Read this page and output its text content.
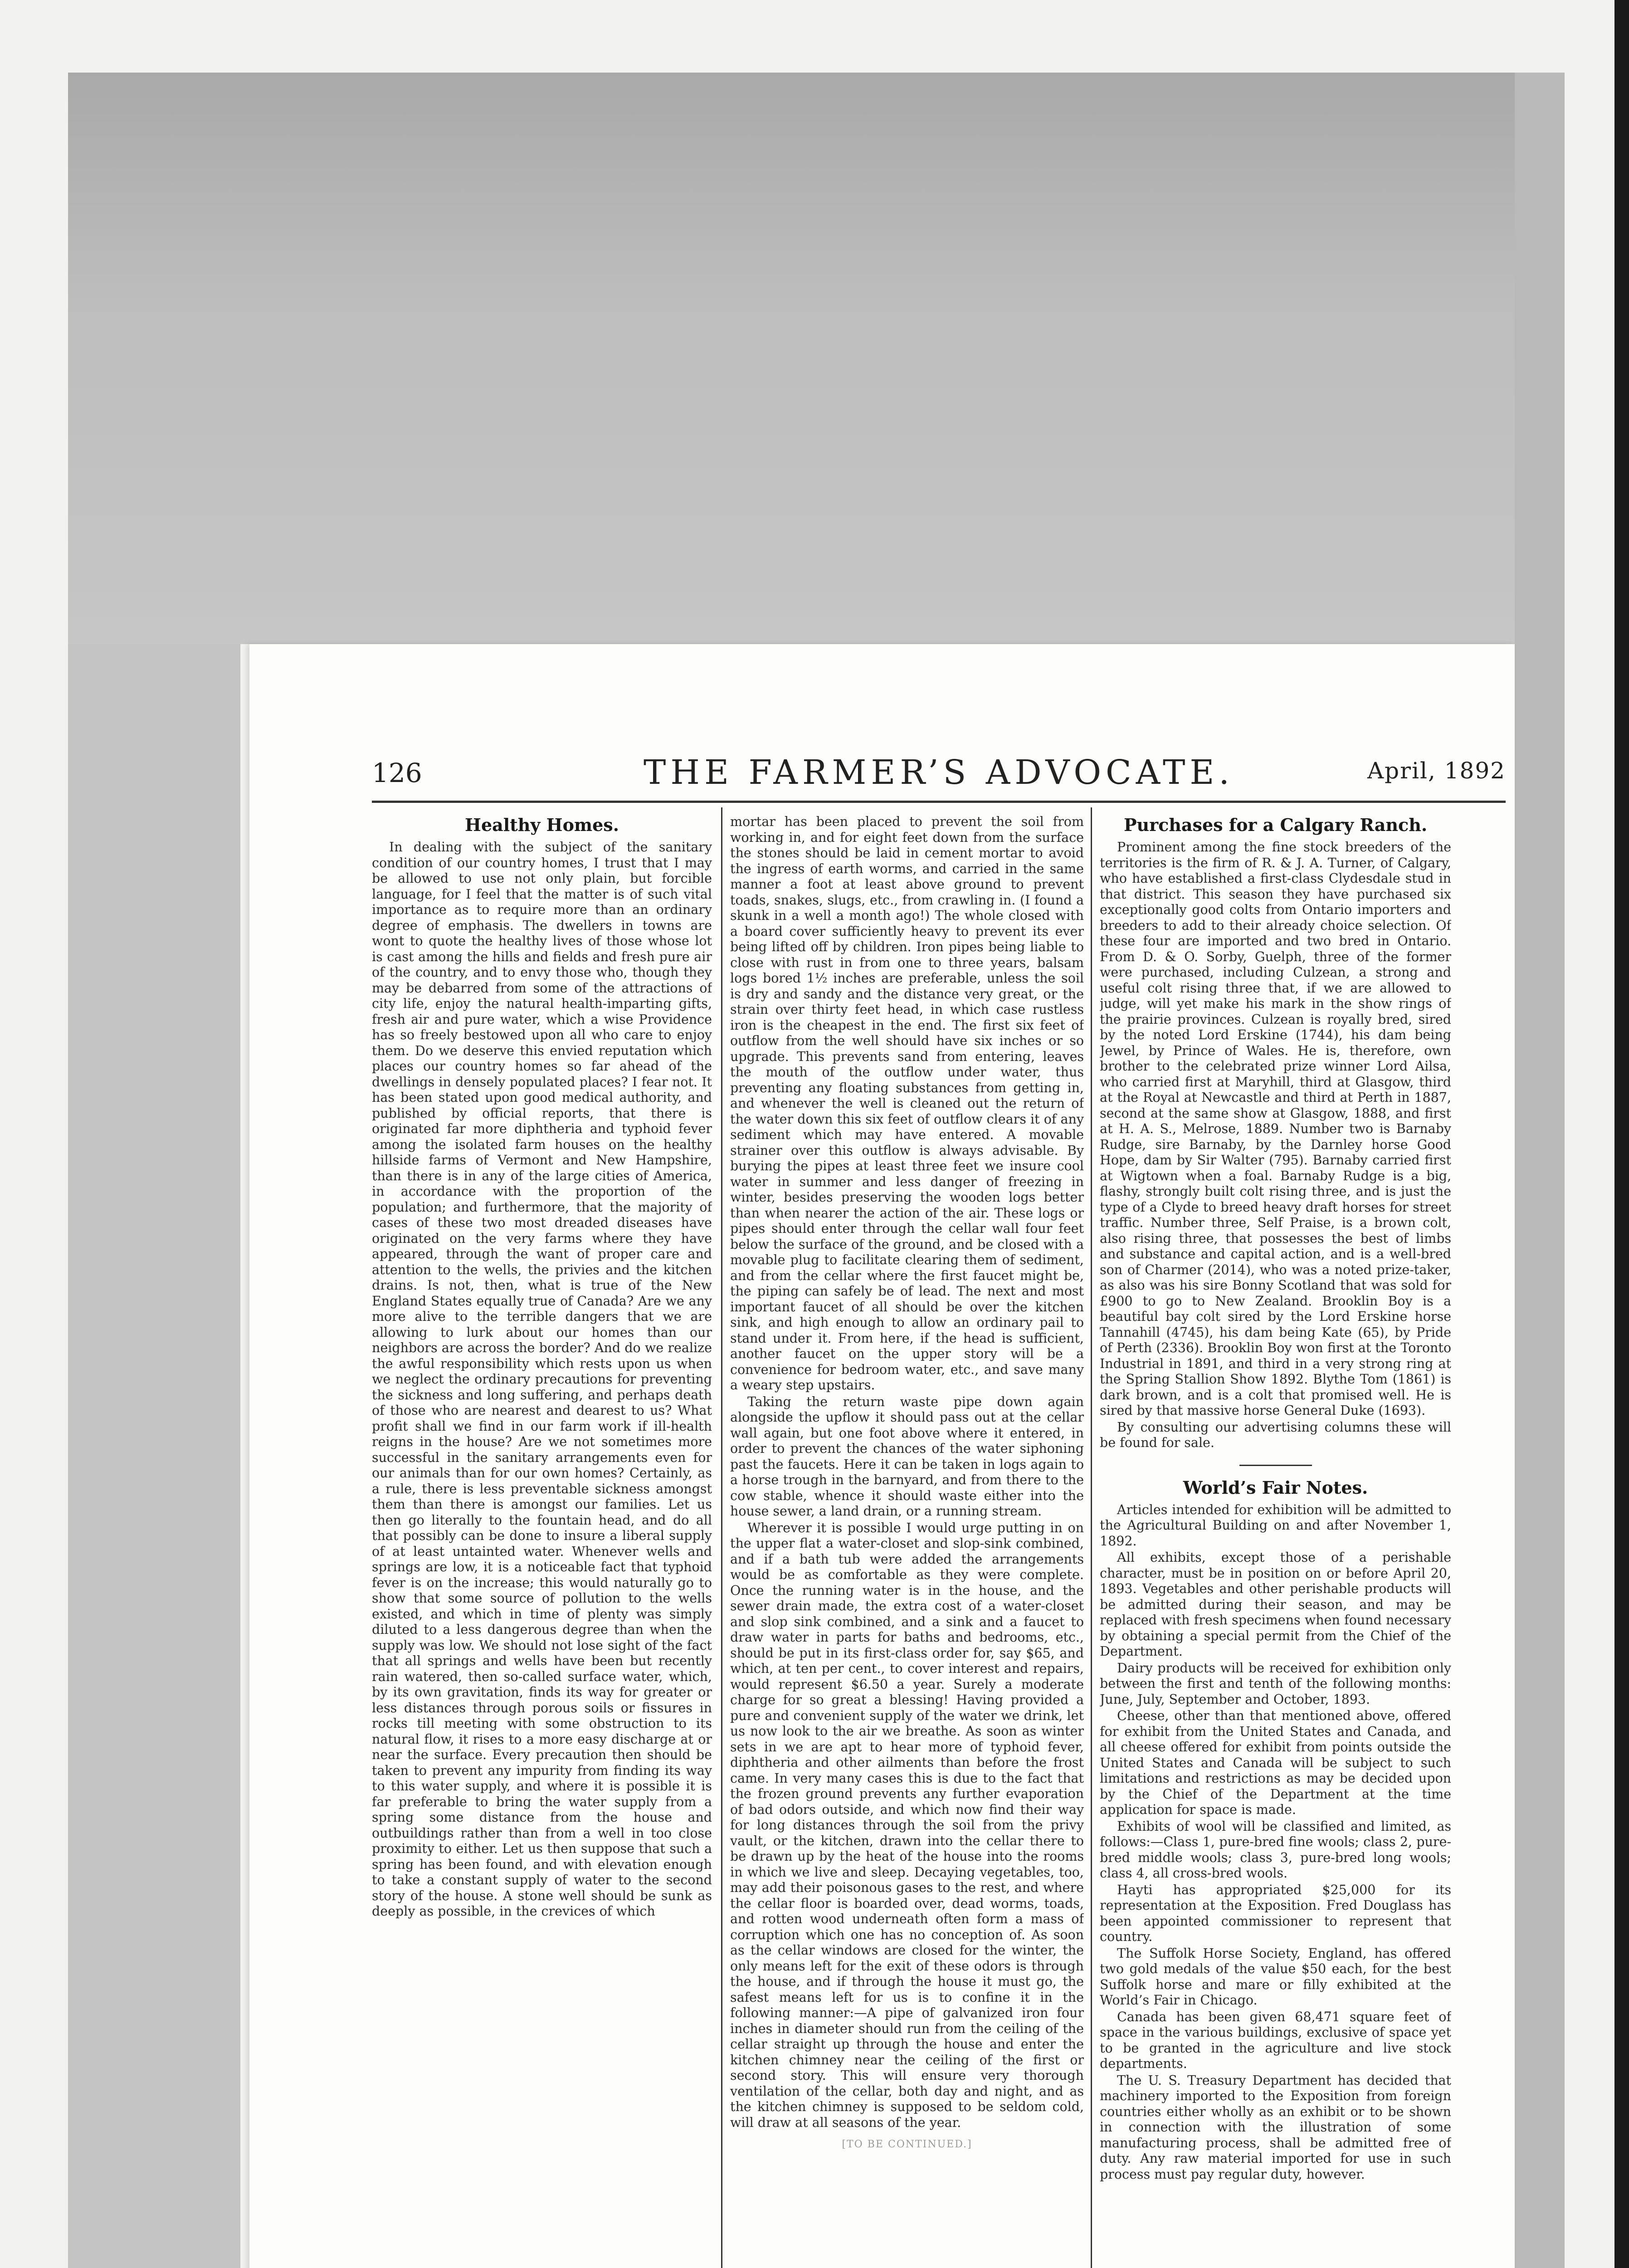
126	THE FARMER’S ADVOCATE.	April, 1892
Healthy Homes.

In dealing with the subject of the sanitary condition of our country homes, I trust that I may be allowed to use not only plain, but forcible language, for I feel that the matter is of such vital importance as to require more than an ordinary degree of emphasis. The dwellers in towns are wont to quote the healthy lives of those whose lot is cast among the hills and fields and fresh pure air of the country, and to envy those who, though they may be debarred from some of the attractions of city life, enjoy the natural health-imparting gifts, fresh air and pure water, which a wise Providence has so freely bestowed upon all who care to enjoy them. Do we deserve this envied reputation which places our country homes so far ahead of the dwellings in densely populated places? I fear not. It has been stated upon good medical authority, and published by official reports, that there is originated far more diphtheria and typhoid fever among the isolated farm houses on the healthy hillside farms of Vermont and New Hampshire, than there is in any of the large cities of America, in accordance with the proportion of the population; and furthermore, that the majority of cases of these two most dreaded diseases have originated on the very farms where they have appeared, through the want of proper care and attention to the wells, the privies and the kitchen drains. Is not, then, what is true of the New England States equally true of Canada? Are we any more alive to the terrible dangers that we are allowing to lurk about our homes than our neighbors are across the border? And do we realize the awful responsibility which rests upon us when we neglect the ordinary precautions for preventing the sickness and long suffering, and perhaps death of those who are nearest and dearest to us? What profit shall we find in our farm work if ill-health reigns in the house? Are we not sometimes more successful in the sanitary arrangements even for our animals than for our own homes? Certainly, as a rule, there is less preventable sickness amongst them than there is amongst our families. Let us then go literally to the fountain head, and do all that possibly can be done to insure a liberal supply of at least untainted water. Whenever wells and springs are low, it is a noticeable fact that typhoid fever is on the increase; this would naturally go to show that some source of pollution to the wells existed, and which in time of plenty was simply diluted to a less dangerous degree than when the supply was low. We should not lose sight of the fact that all springs and wells have been but recently rain watered, then so-called surface water, which, by its own gravitation, finds its way for greater or less distances through porous soils or fissures in rocks till meeting with some obstruction to its natural flow, it rises to a more easy discharge at or near the surface. Every precaution then should be taken to prevent any impurity from finding its way to this water supply, and where it is possible it is far preferable to bring the water supply from a spring some distance from the house and outbuildings rather than from a well in too close proximity to either. Let us then suppose that such a spring has been found, and with elevation enough to take a constant supply of water to the second story of the house. A stone well should be sunk as deeply as possible, in the crevices of which

mortar has been placed to prevent the soil from working in, and for eight feet down from the surface the stones should be laid in cement mortar to avoid the ingress of earth worms, and carried in the same manner a foot at least above ground to prevent toads, snakes, slugs, etc., from crawling in. (I found a skunk in a well a month ago!) The whole closed with a board cover sufficiently heavy to prevent its ever being lifted off by children. Iron pipes being liable to close with rust in from one to three years, balsam logs bored 1½ inches are preferable, unless the soil is dry and sandy and the distance very great, or the strain over thirty feet head, in which case rustless iron is the cheapest in the end. The first six feet of outflow from the well should have six inches or so upgrade. This prevents sand from entering, leaves the mouth of the outflow under water, thus preventing any floating substances from getting in, and whenever the well is cleaned out the return of the water down this six feet of outflow clears it of any sediment which may have entered. A movable strainer over this outflow is always advisable. By burying the pipes at least three feet we insure cool water in summer and less danger of freezing in winter, besides preserving the wooden logs better than when nearer the action of the air. These logs or pipes should enter through the cellar wall four feet below the surface of the ground, and be closed with a movable plug to facilitate clearing them of sediment, and from the cellar where the first faucet might be, the piping can safely be of lead. The next and most important faucet of all should be over the kitchen sink, and high enough to allow an ordinary pail to stand under it. From here, if the head is sufficient, another faucet on the upper story will be a convenience for bedroom water, etc., and save many a weary step upstairs.

Taking the return waste pipe down again alongside the upflow it should pass out at the cellar wall again, but one foot above where it entered, in order to prevent the chances of the water siphoning past the faucets. Here it can be taken in logs again to a horse trough in the barnyard, and from there to the cow stable, whence it should waste either into the house sewer, a land drain, or a running stream.

Wherever it is possible I would urge putting in on the upper flat a water-closet and slop-sink combined, and if a bath tub were added the arrangements would be as comfortable as they were complete. Once the running water is in the house, and the sewer drain made, the extra cost of a water-closet and slop sink combined, and a sink and a faucet to draw water in parts for baths and bedrooms, etc., should be put in its first-class order for, say $65, and which, at ten per cent., to cover interest and repairs, would represent $6.50 a year. Surely a moderate charge for so great a blessing! Having provided a pure and convenient supply of the water we drink, let us now look to the air we breathe. As soon as winter sets in we are apt to hear more of typhoid fever, diphtheria and other ailments than before the frost came. In very many cases this is due to the fact that the frozen ground prevents any further evaporation of bad odors outside, and which now find their way for long distances through the soil from the privy vault, or the kitchen, drawn into the cellar there to be drawn up by the heat of the house into the rooms in which we live and sleep. Decaying vegetables, too, may add their poisonous gases to the rest, and where the cellar floor is boarded over, dead worms, toads, and rotten wood underneath often form a mass of corruption which one has no conception of. As soon as the cellar windows are closed for the winter, the only means left for the exit of these odors is through the house, and if through the house it must go, the safest means left for us is to confine it in the following manner:—A pipe of galvanized iron four inches in diameter should run from the ceiling of the cellar straight up through the house and enter the kitchen chimney near the ceiling of the first or second story. This will ensure very thorough ventilation of the cellar, both day and night, and as the kitchen chimney is supposed to be seldom cold, will draw at all seasons of the year.

[TO BE CONTINUED.]
Purchases for a Calgary Ranch.

Prominent among the fine stock breeders of the territories is the firm of R. & J. A. Turner, of Calgary, who have established a first-class Clydesdale stud in that district. This season they have purchased six exceptionally good colts from Ontario importers and breeders to add to their already choice selection. Of these four are imported and two bred in Ontario. From D. & O. Sorby, Guelph, three of the former were purchased, including Culzean, a strong and useful colt rising three that, if we are allowed to judge, will yet make his mark in the show rings of the prairie provinces. Culzean is royally bred, sired by the noted Lord Erskine (1744), his dam being Jewel, by Prince of Wales. He is, therefore, own brother to the celebrated prize winner Lord Ailsa, who carried first at Maryhill, third at Glasgow, third at the Royal at Newcastle and third at Perth in 1887, second at the same show at Glasgow, 1888, and first at H. A. S., Melrose, 1889. Number two is Barnaby Rudge, sire Barnaby, by the Darnley horse Good Hope, dam by Sir Walter (795). Barnaby carried first at Wigtown when a foal. Barnaby Rudge is a big, flashy, strongly built colt rising three, and is just the type of a Clyde to breed heavy draft horses for street traffic. Number three, Self Praise, is a brown colt, also rising three, that possesses the best of limbs and substance and capital action, and is a well-bred son of Charmer (2014), who was a noted prize-taker, as also was his sire Bonny Scotland that was sold for £900 to go to New Zealand. Brooklin Boy is a beautiful bay colt sired by the Lord Erskine horse Tannahill (4745), his dam being Kate (65), by Pride of Perth (2336). Brooklin Boy won first at the Toronto Industrial in 1891, and third in a very strong ring at the Spring Stallion Show 1892. Blythe Tom (1861) is dark brown, and is a colt that promised well. He is sired by that massive horse General Duke (1693).

By consulting our advertising columns these will be found for sale.

World’s Fair Notes.

Articles intended for exhibition will be admitted to the Agricultural Building on and after November 1, 1892.

All exhibits, except those of a perishable character, must be in position on or before April 20, 1893. Vegetables and other perishable products will be admitted during their season, and may be replaced with fresh specimens when found necessary by obtaining a special permit from the Chief of the Department.

Dairy products will be received for exhibition only between the first and tenth of the following months: June, July, September and October, 1893.

Cheese, other than that mentioned above, offered for exhibit from the United States and Canada, and all cheese offered for exhibit from points outside the United States and Canada will be subject to such limitations and restrictions as may be decided upon by the Chief of the Department at the time application for space is made.

Exhibits of wool will be classified and limited, as follows:—Class 1, pure-bred fine wools; class 2, pure-bred middle wools; class 3, pure-bred long wools; class 4, all cross-bred wools.

Hayti has appropriated $25,000 for its representation at the Exposition. Fred Douglass has been appointed commissioner to represent that country.

The Suffolk Horse Society, England, has offered two gold medals of the value $50 each, for the best Suffolk horse and mare or filly exhibited at the World’s Fair in Chicago.

Canada has been given 68,471 square feet of space in the various buildings, exclusive of space yet to be granted in the agriculture and live stock departments.

The U. S. Treasury Department has decided that machinery imported to the Exposition from foreign countries either wholly as an exhibit or to be shown in connection with the illustration of some manufacturing process, shall be admitted free of duty. Any raw material imported for use in such process must pay regular duty, however.
